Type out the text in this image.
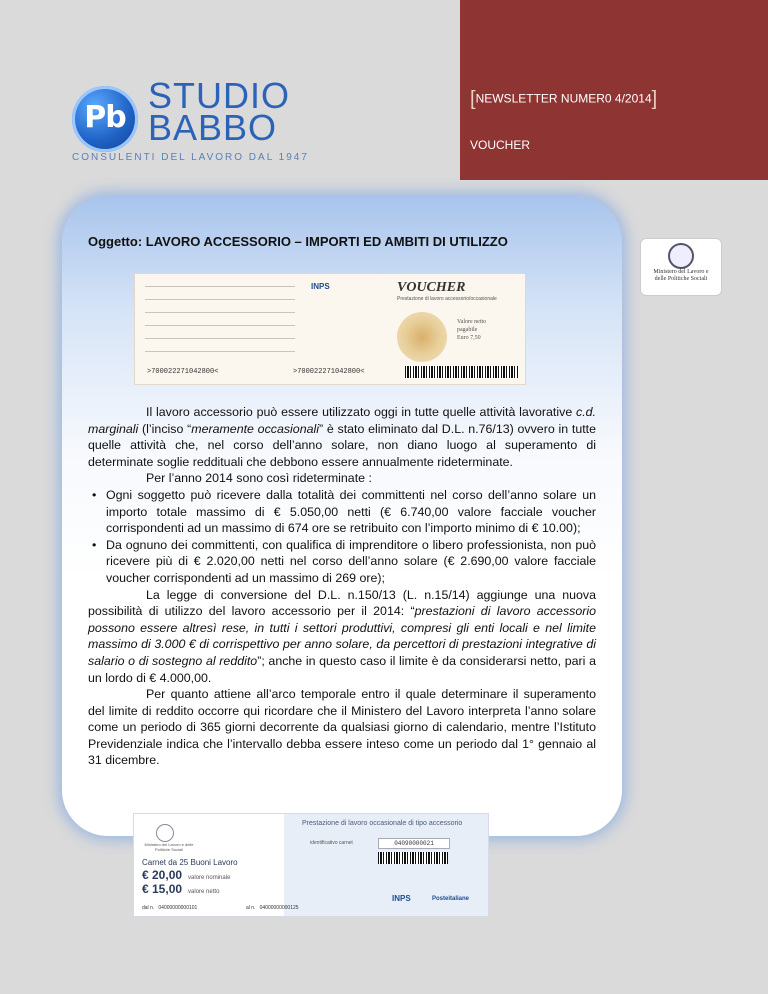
Pb
STUDIO
BABBO
CONSULENTI DEL LAVORO DAL 1947
[NEWSLETTER NUMER0 4/2014]
VOUCHER
Oggetto: LAVORO ACCESSORIO – IMPORTI ED AMBITI DI UTILIZZO
Ministero del Lavoro e
delle Politiche Sociali
INPS	VOUCHER
Prestazione di lavoro accessorio/occasionale
Valore netto
pagabile
Euro 7,50
>700022271042800<	>700022271042800<

Il lavoro accessorio può essere utilizzato oggi in tutte quelle attività lavorative c.d. marginali (l’inciso “meramente occasionali” è stato eliminato dal D.L. n.76/13) ovvero in tutte quelle attività che, nel corso dell’anno solare, non diano luogo al superamento di determinate soglie reddituali che debbono essere annualmente rideterminate.

Per l’anno 2014 sono così rideterminate :

• Ogni soggetto può ricevere dalla totalità dei committenti nel corso dell’anno solare un importo totale massimo di € 5.050,00 netti (€ 6.740,00 valore facciale voucher corrispondenti ad un massimo di 674 ore se retribuito con l’importo minimo di € 10.00);
• Da ognuno dei committenti, con qualifica di imprenditore o libero professionista, non può ricevere più di € 2.020,00 netti nel corso dell’anno solare (€ 2.690,00 valore facciale voucher corrispondenti ad un massimo di 269 ore);

La legge di conversione del D.L. n.150/13 (L. n.15/14) aggiunge una nuova possibilità di utilizzo del lavoro accessorio per il 2014: “prestazioni di lavoro accessorio possono essere altresì rese, in tutti i settori produttivi, compresi gli enti locali e nel limite massimo di 3.000 € di corrispettivo per anno solare, da percettori di prestazioni integrative di salario o di sostegno al reddito”; anche in questo caso il limite è da considerarsi netto, pari a un lordo di € 4.000,00.

Per quanto attiene all’arco temporale entro il quale determinare il superamento del limite di reddito occorre qui ricordare che il Ministero del Lavoro interpreta l’anno solare come un periodo di 365 giorni decorrente da qualsiasi giorno di calendario, mentre l’Istituto Previdenziale indica che l’intervallo debba essere inteso come un periodo dal 1° gennaio al 31 dicembre.

Ministero del Lavoro e delle Politiche Sociali
Prestazione di lavoro occasionale di tipo accessorio
identificativo carnet	04090000021
Carnet da 25 Buoni Lavoro
€ 20,00 valore nominale
€ 15,00 valore netto
dal n. 04000000000101	al n. 04000000000125
INPS	Posteitaliane
